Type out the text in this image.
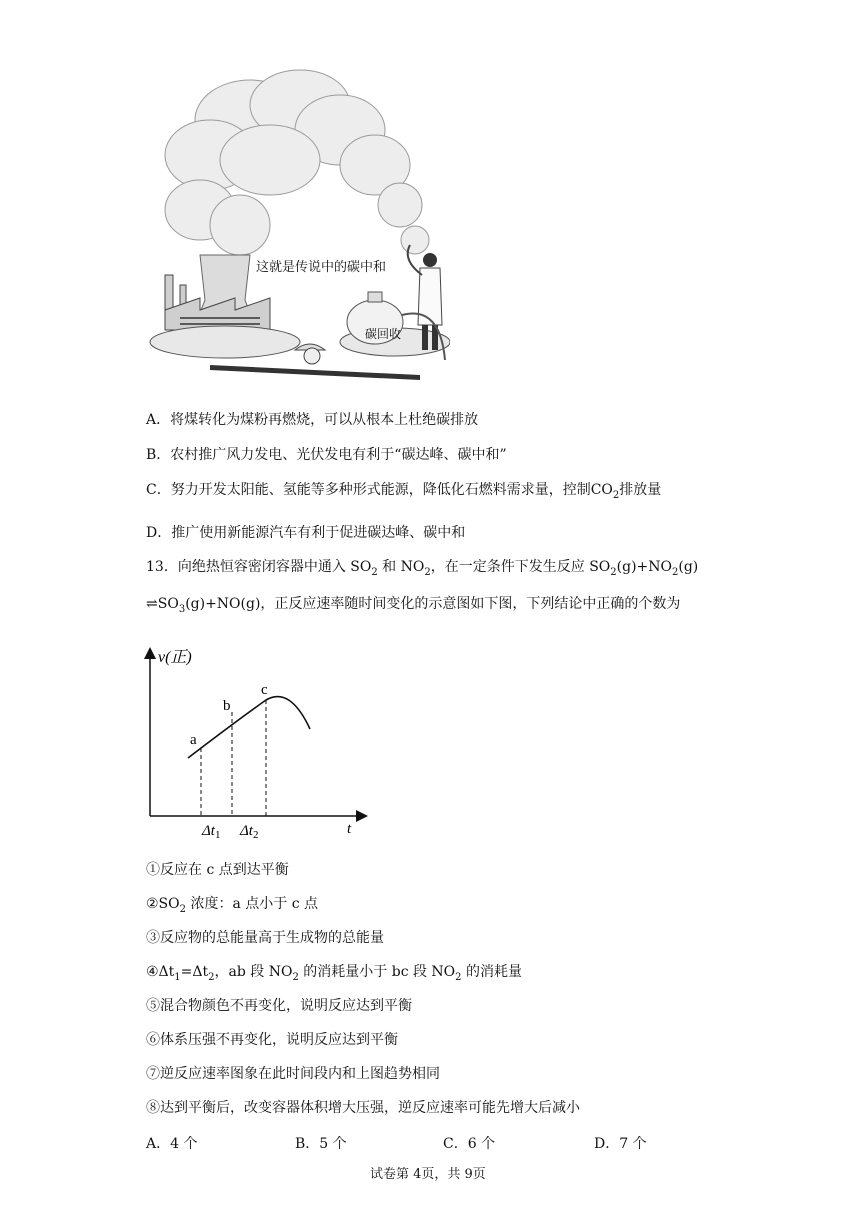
这就是传说中的碳中和
碳回收
A．将煤转化为煤粉再燃烧，可以从根本上杜绝碳排放
B．农村推广风力发电、光伏发电有利于“碳达峰、碳中和”
C．努力开发太阳能、氢能等多种形式能源，降低化石燃料需求量，控制$CO_2$排放量
D．推广使用新能源汽车有利于促进碳达峰、碳中和
13．向绝热恒容密闭容器中通入 $SO_2$ 和 $NO_2$，在一定条件下发生反应 $SO_2(g)+NO_2(g)$
$\rightleftharpoons SO_3(g)+NO(g)$，正反应速率随时间变化的示意图如下图，下列结论中正确的个数为
v(正)
t
a
b
c
$\Delta t_1$ $\Delta t_2$
①反应在 c 点到达平衡
$②SO_2$ 浓度：a 点小于 c 点
③反应物的总能量高于生成物的总能量
$④\Delta t_1=\Delta t_2$，ab 段 $NO_2$ 的消耗量小于 bc 段 $NO_2$ 的消耗量
⑤混合物颜色不再变化，说明反应达到平衡
⑥体系压强不再变化，说明反应达到平衡
⑦逆反应速率图象在此时间段内和上图趋势相同
⑧达到平衡后，改变容器体积增大压强，逆反应速率可能先增大后减小
A．4 个	B．5 个	C．6 个	D．7 个
试卷第 4页，共 9页
